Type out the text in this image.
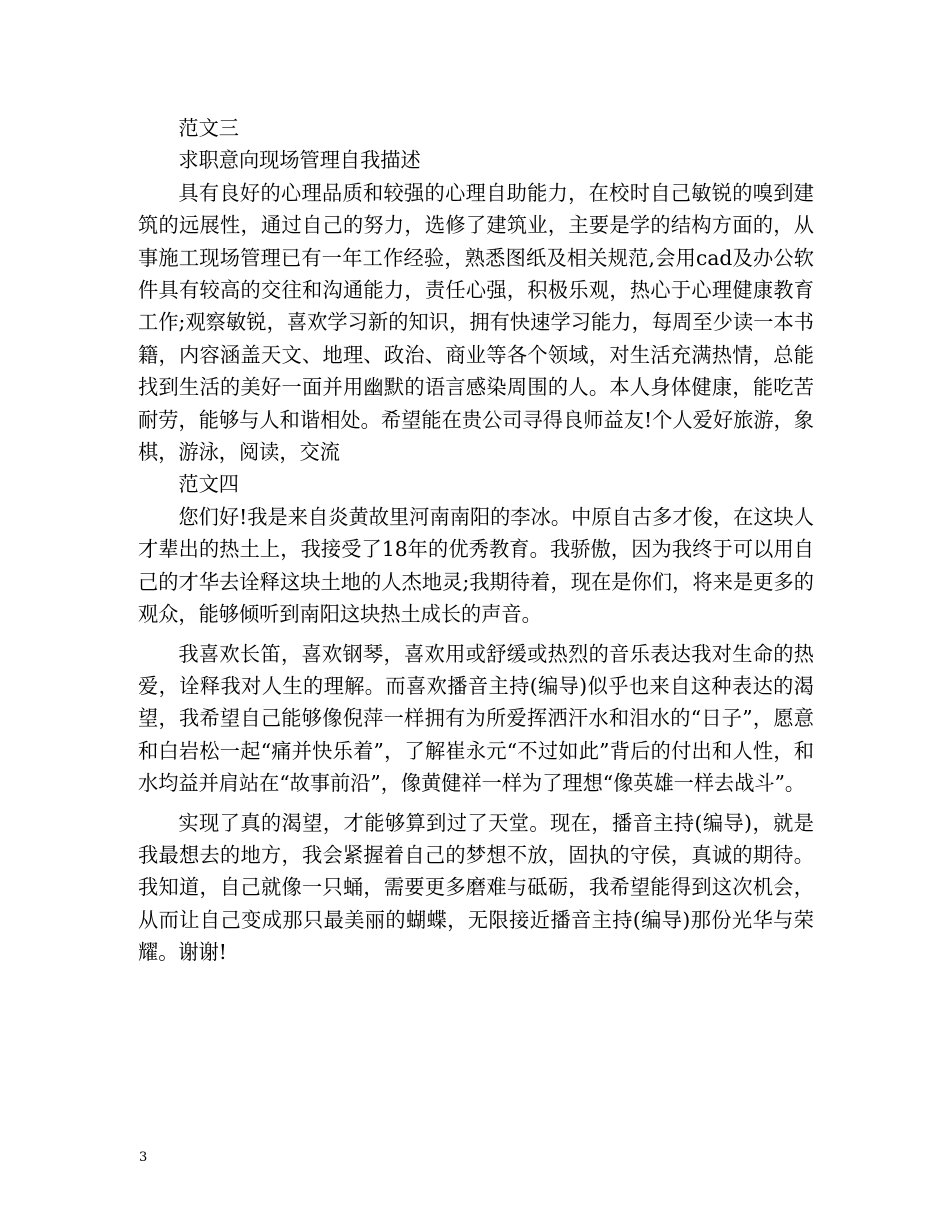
范文三

求职意向现场管理自我描述

具有良好的心理品质和较强的心理自助能力，在校时自己敏锐的嗅到建筑的远展性，通过自己的努力，选修了建筑业，主要是学的结构方面的，从事施工现场管理已有一年工作经验，熟悉图纸及相关规范,会用cad及办公软件具有较高的交往和沟通能力，责任心强，积极乐观，热心于心理健康教育工作;观察敏锐，喜欢学习新的知识，拥有快速学习能力，每周至少读一本书籍，内容涵盖天文、地理、政治、商业等各个领域，对生活充满热情，总能找到生活的美好一面并用幽默的语言感染周围的人。本人身体健康，能吃苦耐劳，能够与人和谐相处。希望能在贵公司寻得良师益友!个人爱好旅游，象棋，游泳，阅读，交流

范文四

您们好!我是来自炎黄故里河南南阳的李冰。中原自古多才俊，在这块人才辈出的热土上，我接受了18年的优秀教育。我骄傲，因为我终于可以用自己的才华去诠释这块土地的人杰地灵;我期待着，现在是你们，将来是更多的观众，能够倾听到南阳这块热土成长的声音。

我喜欢长笛，喜欢钢琴，喜欢用或舒缓或热烈的音乐表达我对生命的热爱，诠释我对人生的理解。而喜欢播音主持(编导)似乎也来自这种表达的渴望，我希望自己能够像倪萍一样拥有为所爱挥洒汗水和泪水的“日子”，愿意和白岩松一起“痛并快乐着”，了解崔永元“不过如此”背后的付出和人性，和水均益并肩站在“故事前沿”，像黄健祥一样为了理想“像英雄一样去战斗”。

实现了真的渴望，才能够算到过了天堂。现在，播音主持(编导)，就是我最想去的地方，我会紧握着自己的梦想不放，固执的守侯，真诚的期待。我知道，自己就像一只蛹，需要更多磨难与砥砺，我希望能得到这次机会，从而让自己变成那只最美丽的蝴蝶，无限接近播音主持(编导)那份光华与荣耀。谢谢!

3
